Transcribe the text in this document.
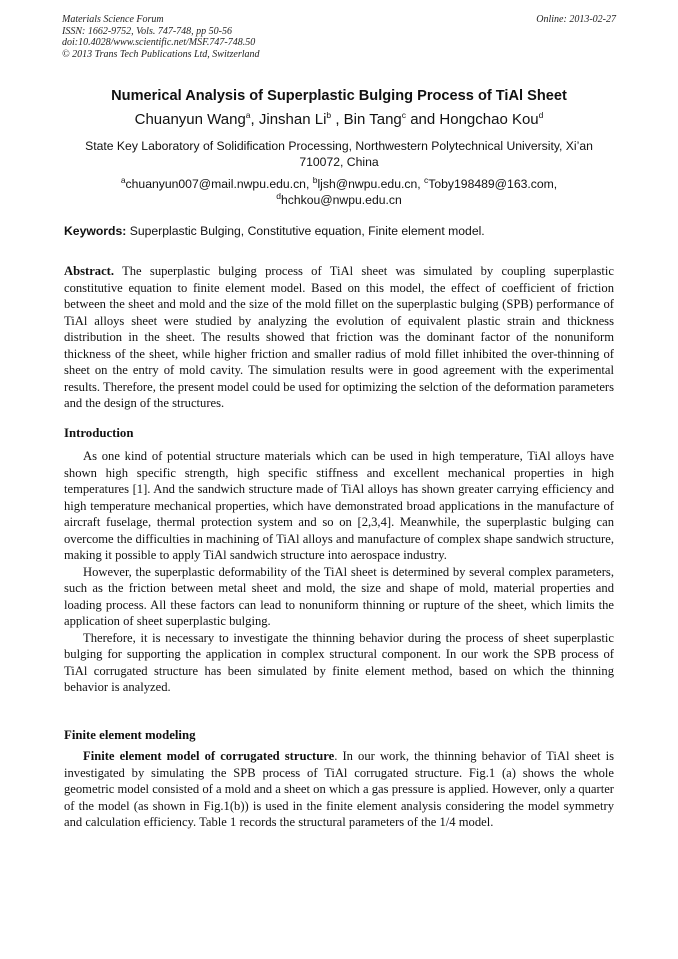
Materials Science Forum
ISSN: 1662-9752, Vols. 747-748, pp 50-56
doi:10.4028/www.scientific.net/MSF.747-748.50
© 2013 Trans Tech Publications Ltd, Switzerland
Online: 2013-02-27
Numerical Analysis of Superplastic Bulging Process of TiAl Sheet
Chuanyun Wang$^a$, Jinshan Li$^b$ , Bin Tang$^c$ and Hongchao Kou$^d$
State Key Laboratory of Solidification Processing, Northwestern Polytechnical University, Xi’an 710072, China
$^a$chuanyun007@mail.nwpu.edu.cn, $^b$ljsh@nwpu.edu.cn, $^c$Toby198489@163.com,
$^d$hchkou@nwpu.edu.cn
Keywords: Superplastic Bulging, Constitutive equation, Finite element model.
Abstract. The superplastic bulging process of TiAl sheet was simulated by coupling superplastic constitutive equation to finite element model. Based on this model, the effect of coefficient of friction between the sheet and mold and the size of the mold fillet on the superplastic bulging (SPB) performance of TiAl alloys sheet were studied by analyzing the evolution of equivalent plastic strain and thickness distribution in the sheet. The results showed that friction was the dominant factor of the nonuniform thickness of the sheet, while higher friction and smaller radius of mold fillet inhibited the over-thinning of sheet on the entry of mold cavity. The simulation results were in good agreement with the experimental results. Therefore, the present model could be used for optimizing the selction of the deformation parameters and the design of the structures.
Introduction

As one kind of potential structure materials which can be used in high temperature, TiAl alloys have shown high specific strength, high specific stiffness and excellent mechanical properties in high temperatures [1]. And the sandwich structure made of TiAl alloys has shown greater carrying efficiency and high temperature mechanical properties, which have demonstrated broad applications in the manufacture of aircraft fuselage, thermal protection system and so on [2,3,4]. Meanwhile, the superplastic bulging can overcome the difficulties in machining of TiAl alloys and manufacture of complex shape sandwich structure, making it possible to apply TiAl sandwich structure into aerospace industry.

However, the superplastic deformability of the TiAl sheet is determined by several complex parameters, such as the friction between metal sheet and mold, the size and shape of mold, material properties and loading process. All these factors can lead to nonuniform thinning or rupture of the sheet, which limits the application of sheet superplastic bulging.

Therefore, it is necessary to investigate the thinning behavior during the process of sheet superplastic bulging for supporting the application in complex structural component. In our work the SPB process of TiAl corrugated structure has been simulated by finite element method, based on which the thinning behavior is analyzed.

Finite element modeling

Finite element model of corrugated structure. In our work, the thinning behavior of TiAl sheet is investigated by simulating the SPB process of TiAl corrugated structure. Fig.1 (a) shows the whole geometric model consisted of a mold and a sheet on which a gas pressure is applied. However, only a quarter of the model (as shown in Fig.1(b)) is used in the finite element analysis considering the model symmetry and calculation efficiency. Table 1 records the structural parameters of the 1/4 model.
